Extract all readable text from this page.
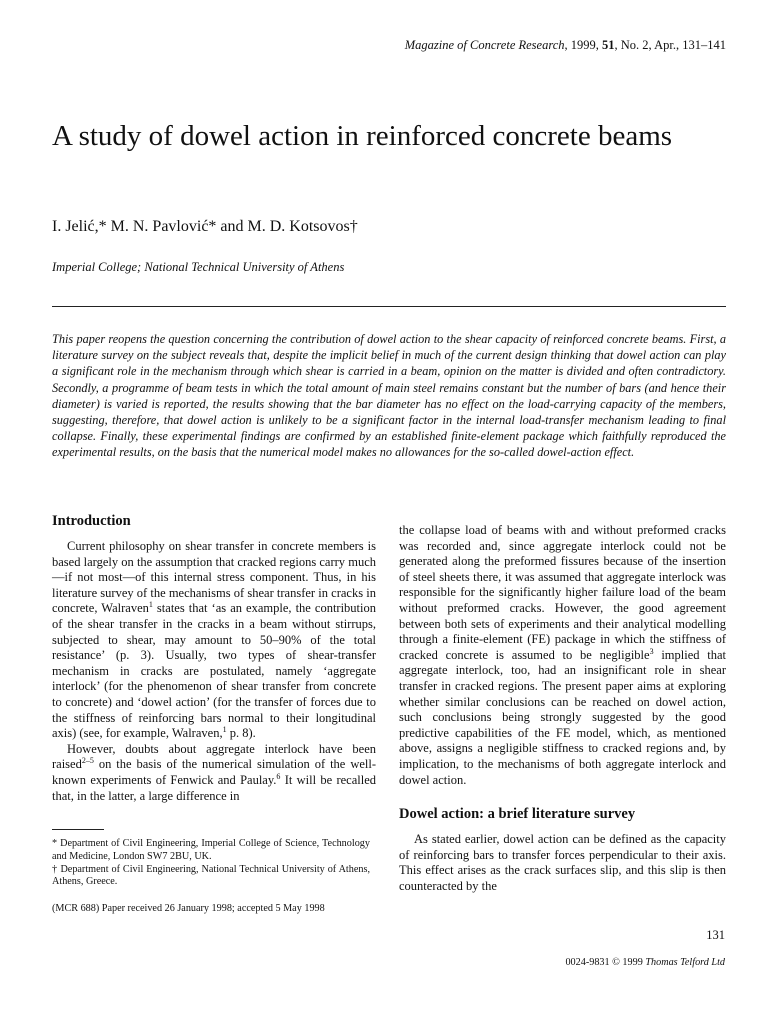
Magazine of Concrete Research, 1999, 51, No. 2, Apr., 131–141
A study of dowel action in reinforced concrete beams
I. Jelić,* M. N. Pavlović* and M. D. Kotsovos†
Imperial College; National Technical University of Athens

This paper reopens the question concerning the contribution of dowel action to the shear capacity of reinforced concrete beams. First, a literature survey on the subject reveals that, despite the implicit belief in much of the current design thinking that dowel action can play a significant role in the mechanism through which shear is carried in a beam, opinion on the matter is divided and often contradictory. Secondly, a programme of beam tests in which the total amount of main steel remains constant but the number of bars (and hence their diameter) is varied is reported, the results showing that the bar diameter has no effect on the load-carrying capacity of the members, suggesting, therefore, that dowel action is unlikely to be a significant factor in the internal load-transfer mechanism leading to final collapse. Finally, these experimental findings are confirmed by an established finite-element package which faithfully reproduced the experimental results, on the basis that the numerical model makes no allowances for the so-called dowel-action effect.

Introduction

Current philosophy on shear transfer in concrete members is based largely on the assumption that cracked regions carry much—if not most—of this internal stress component. Thus, in his literature survey of the mechanisms of shear transfer in cracks in concrete, Walraven$^1$ states that ‘as an example, the contribution of the shear transfer in the cracks in a beam without stirrups, subjected to shear, may amount to 50–90% of the total resistance’ (p. 3). Usually, two types of shear-transfer mechanism in cracks are postulated, namely ‘aggregate interlock’ (for the phenomenon of shear transfer from concrete to concrete) and ‘dowel action’ (for the transfer of forces due to the stiffness of reinforcing bars normal to their longitudinal axis) (see, for example, Walraven,$^1$ p. 8).

However, doubts about aggregate interlock have been raised$^{2-5}$ on the basis of the numerical simulation of the well-known experiments of Fenwick and Paulay.$^6$ It will be recalled that, in the latter, a large difference in

* Department of Civil Engineering, Imperial College of Science, Technology and Medicine, London SW7 2BU, UK.

† Department of Civil Engineering, National Technical University of Athens, Athens, Greece.

(MCR 688) Paper received 26 January 1998; accepted 5 May 1998

the collapse load of beams with and without preformed cracks was recorded and, since aggregate interlock could not be generated along the preformed fissures because of the insertion of steel sheets there, it was assumed that aggregate interlock was responsible for the significantly higher failure load of the beam without preformed cracks. However, the good agreement between both sets of experiments and their analytical modelling through a finite-element (FE) package in which the stiffness of cracked concrete is assumed to be negligible$^3$ implied that aggregate interlock, too, had an insignificant role in shear transfer in cracked regions. The present paper aims at exploring whether similar conclusions can be reached on dowel action, such conclusions being strongly suggested by the good predictive capabilities of the FE model, which, as mentioned above, assigns a negligible stiffness to cracked regions and, by implication, to the mechanisms of both aggregate interlock and dowel action.

Dowel action: a brief literature survey

As stated earlier, dowel action can be defined as the capacity of reinforcing bars to transfer forces perpendicular to their axis. This effect arises as the crack surfaces slip, and this slip is then counteracted by the

131
0024-9831 © 1999 Thomas Telford Ltd
